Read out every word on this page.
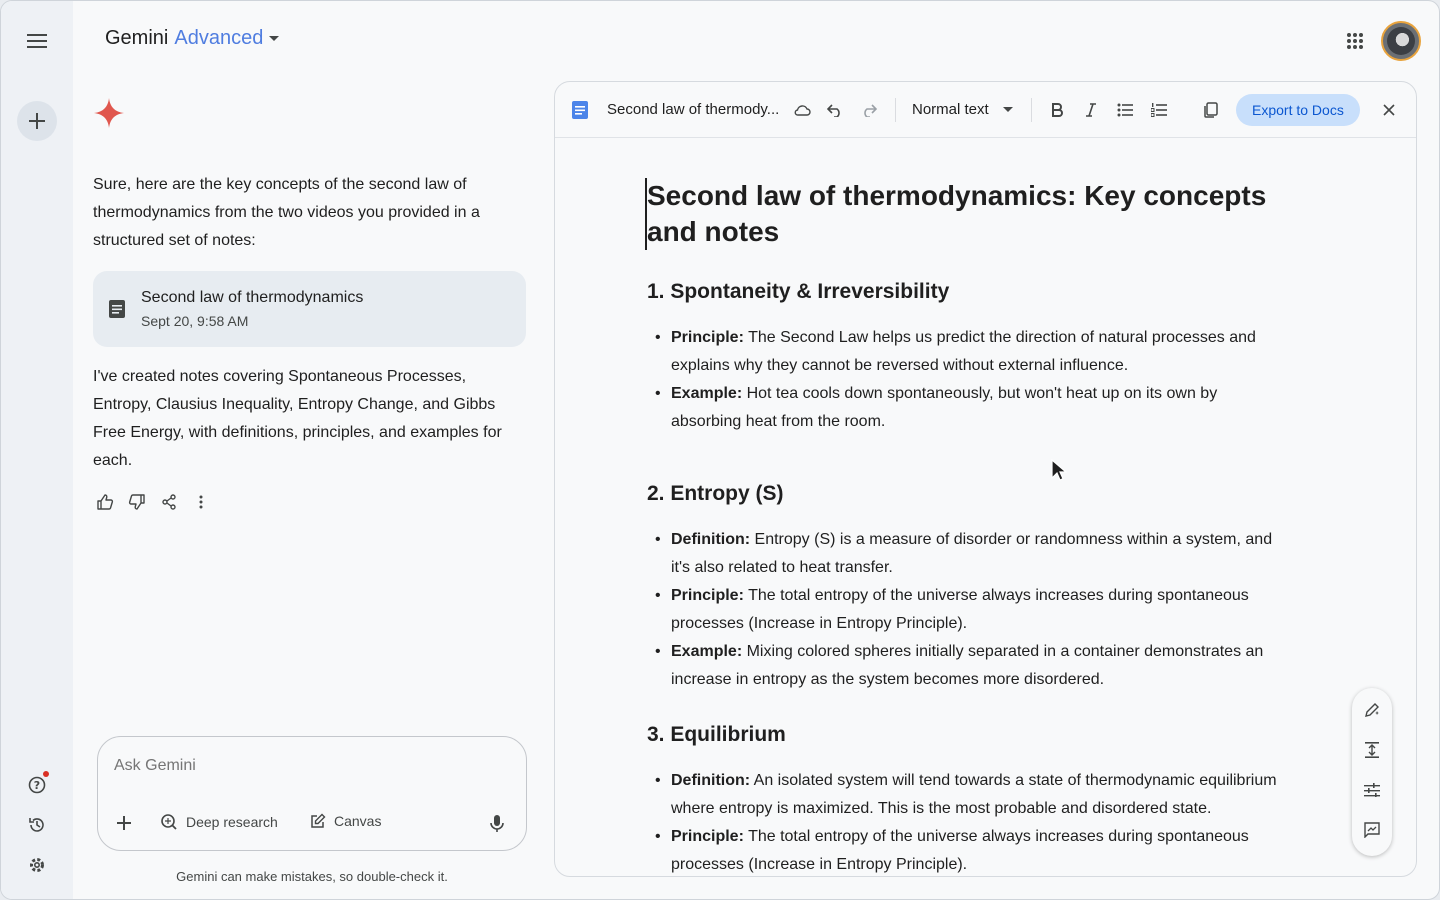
?
Gemini Advanced
Sure, here are the key concepts of the second law of thermodynamics from the two videos you provided in a structured set of notes:
Second law of thermodynamics
Sept 20, 9:58 AM
I've created notes covering Spontaneous Processes, Entropy, Clausius Inequality, Entropy Change, and Gibbs Free Energy, with definitions, principles, and examples for each.
Ask Gemini
Deep research	Canvas
Gemini can make mistakes, so double-check it.
Second law of thermody...	Normal text	Export to Docs
Second law of thermodynamics: Key concepts and notes
1. Spontaneity & Irreversibility
• Principle: The Second Law helps us predict the direction of natural processes and explains why they cannot be reversed without external influence.
• Example: Hot tea cools down spontaneously, but won't heat up on its own by absorbing heat from the room.
2. Entropy (S)
• Definition: Entropy (S) is a measure of disorder or randomness within a system, and it's also related to heat transfer.
• Principle: The total entropy of the universe always increases during spontaneous processes (Increase in Entropy Principle).
• Example: Mixing colored spheres initially separated in a container demonstrates an increase in entropy as the system becomes more disordered.
3. Equilibrium
• Definition: An isolated system will tend towards a state of thermodynamic equilibrium where entropy is maximized. This is the most probable and disordered state.
• Principle: The total entropy of the universe always increases during spontaneous processes (Increase in Entropy Principle).
